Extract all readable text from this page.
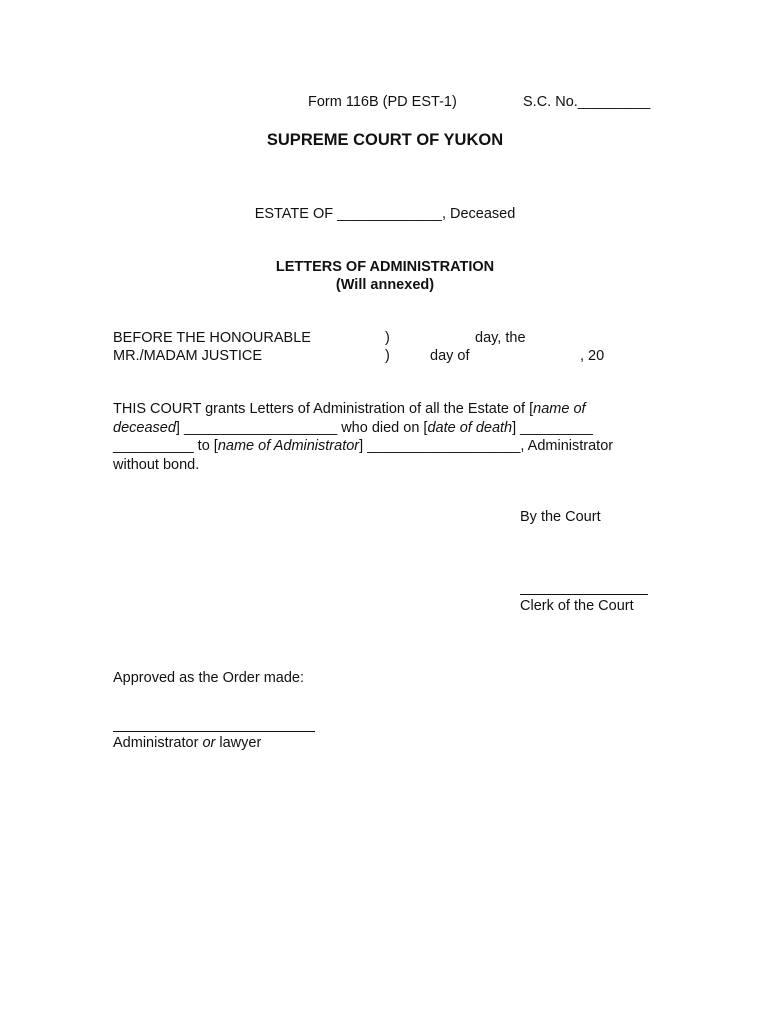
Form 116B (PD EST-1)	S.C. No._________
SUPREME COURT OF YUKON
ESTATE OF _____________, Deceased
LETTERS OF ADMINISTRATION
(Will annexed)
BEFORE THE HONOURABLE
MR./MADAM JUSTICE
)
)
day, the
day of	, 20

THIS COURT grants Letters of Administration of all the Estate of [name of

deceased] ___________________ who died on [date of death] _________

__________ to [name of Administrator] ___________________, Administrator

without bond.

By the Court
Clerk of the Court
Approved as the Order made:
Administrator or lawyer
